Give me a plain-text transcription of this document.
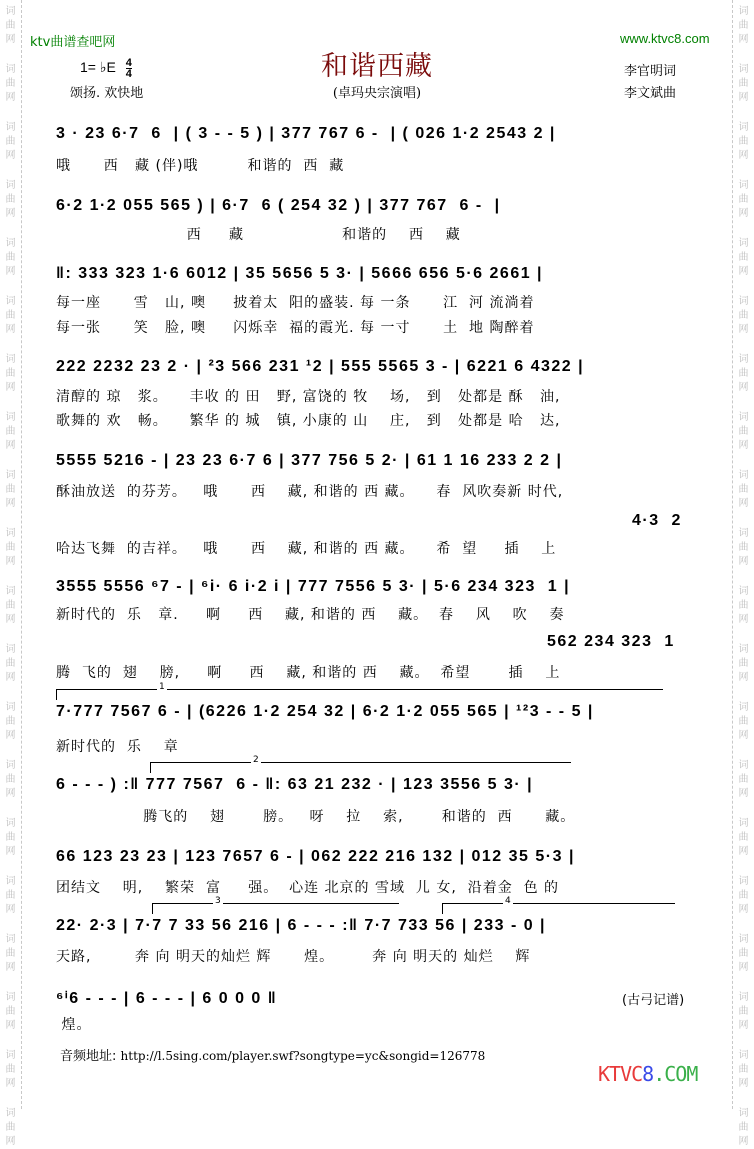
词
曲
网
词
曲
网
词
曲
网
词
曲
网
词
曲
网
词
曲
网
词
曲
网
词
曲
网
词
曲
网
词
曲
网
词
曲
网
词
曲
网
词
曲
网
词
曲
网
词
曲
网
词
曲
网
词
曲
网
词
曲
网
词
曲
网
词
曲
网
词
曲
网
词
曲
网
词
曲
网
词
曲
网
词
曲
网
词
曲
网
词
曲
网
词
曲
网
词
曲
网
词
曲
网
词
曲
网
词
曲
网
词
曲
网
词
曲
网
词
曲
网
词
曲
网
词
曲
网
词
曲
网
词
曲
网
词
曲
网
ktv曲谱查吧网	www.ktvc8.com
和谐西藏
(卓玛央宗演唱)
1= ♭E $\frac{4}{4}$
颂扬. 欢快地
李官明词
李文斌曲
3 · 23 6·7  6  | ( 3 - - 5 ) | 377 767 6 -  | ( 026 1·2 2543 2 |
哦      西   藏 (伴)哦         和谐的  西  藏
6·2 1·2 055 565 ) | 6·7  6 ( 254 32 ) | 377 767  6 -  |
西     藏                  和谐的    西    藏
‖: 333 323 1·6 6012 | 35 5656 5 3· | 5666 656 5·6 2661 |
每一座      雪   山, 噢     披着太  阳的盛装. 每 一条      江  河 流淌着
每一张      笑   脸, 噢     闪烁幸  福的霞光. 每 一寸      土  地 陶醉着
222 2232 23 2 · | ²3 566 231 ¹2 | 555 5565 3 - | 6221 6 4322 |
清醇的 琼   浆。    丰收 的 田   野, 富饶的 牧    场,   到   处都是 酥   油,
歌舞的 欢   畅。    繁华 的 城   镇, 小康的 山    庄,   到   处都是 哈   达,
5555 5216 - | 23 23 6·7 6 | 377 756 5 2· | 61 1 16 233 2 2 |
酥油放送  的芬芳。   哦      西    藏, 和谐的 西 藏。    春  风吹奏新 时代,
4·3  2
哈达飞舞  的吉祥。   哦      西    藏, 和谐的 西 藏。    希  望     插    上
3555 5556 ⁶7 - | ⁶i· 6 i·2 i | 777 7556 5 3· | 5·6 234 323  1 |
新时代的  乐   章.     啊     西    藏, 和谐的 西    藏。  春    风    吹    奏
562 234 323  1
腾  飞的  翅    膀,     啊     西    藏, 和谐的 西    藏。  希望       插    上
7·777 7567 6 - | (6226 1·2 254 32 | 6·2 1·2 055 565 | ¹²3 - - 5 |
1
新时代的  乐    章
6 - - - ) :‖ 777 7567  6 - ‖: 63 21 232 · | 123 3556 5 3· |
2
腾飞的    翅       膀。   呀    拉    索,       和谐的  西      藏。
66 123 23 23 | 123 7657 6 - | 062 222 216 132 | 012 35 5·3 |
团结文    明,    繁荣  富     强。  心连 北京的 雪域  儿 女,  沿着金  色 的
22· 2·3 | 7·7 7 33 56 216 | 6 - - - :‖ 7·7 733 56 | 233 - 0 |
3	4
天路,        奔 向 明天的灿烂 辉      煌。       奔 向 明天的 灿烂    辉
⁶ⁱ6 - - - | 6 - - - | 6 0 0 0 ‖
煌。
(古弓记谱)
音频地址: http://l.5sing.com/player.swf?songtype=yc&songid=126778
KTVC8.COM
